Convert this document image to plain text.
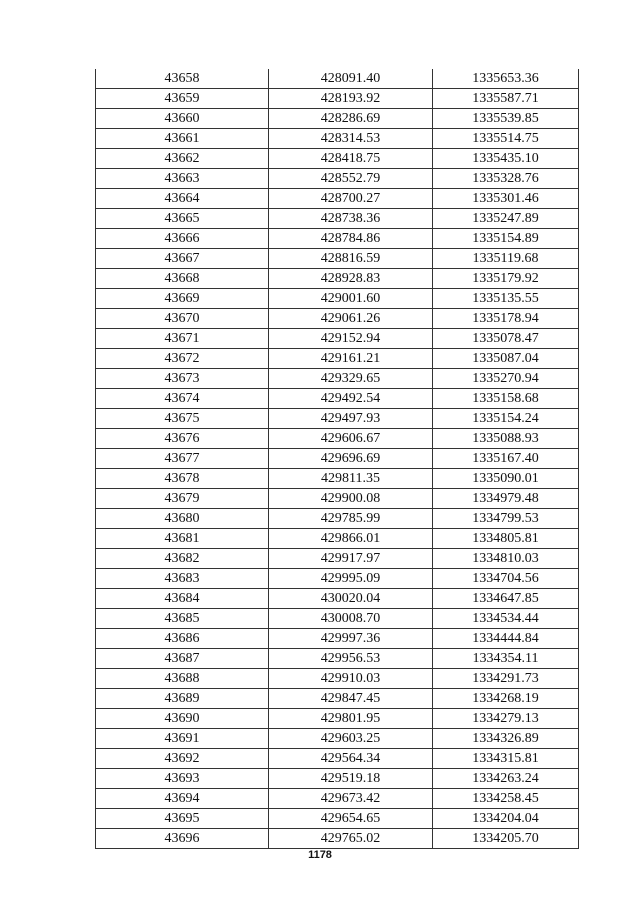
43658	428091.40	1335653.36
43659	428193.92	1335587.71
43660	428286.69	1335539.85
43661	428314.53	1335514.75
43662	428418.75	1335435.10
43663	428552.79	1335328.76
43664	428700.27	1335301.46
43665	428738.36	1335247.89
43666	428784.86	1335154.89
43667	428816.59	1335119.68
43668	428928.83	1335179.92
43669	429001.60	1335135.55
43670	429061.26	1335178.94
43671	429152.94	1335078.47
43672	429161.21	1335087.04
43673	429329.65	1335270.94
43674	429492.54	1335158.68
43675	429497.93	1335154.24
43676	429606.67	1335088.93
43677	429696.69	1335167.40
43678	429811.35	1335090.01
43679	429900.08	1334979.48
43680	429785.99	1334799.53
43681	429866.01	1334805.81
43682	429917.97	1334810.03
43683	429995.09	1334704.56
43684	430020.04	1334647.85
43685	430008.70	1334534.44
43686	429997.36	1334444.84
43687	429956.53	1334354.11
43688	429910.03	1334291.73
43689	429847.45	1334268.19
43690	429801.95	1334279.13
43691	429603.25	1334326.89
43692	429564.34	1334315.81
43693	429519.18	1334263.24
43694	429673.42	1334258.45
43695	429654.65	1334204.04
43696	429765.02	1334205.70
1178
